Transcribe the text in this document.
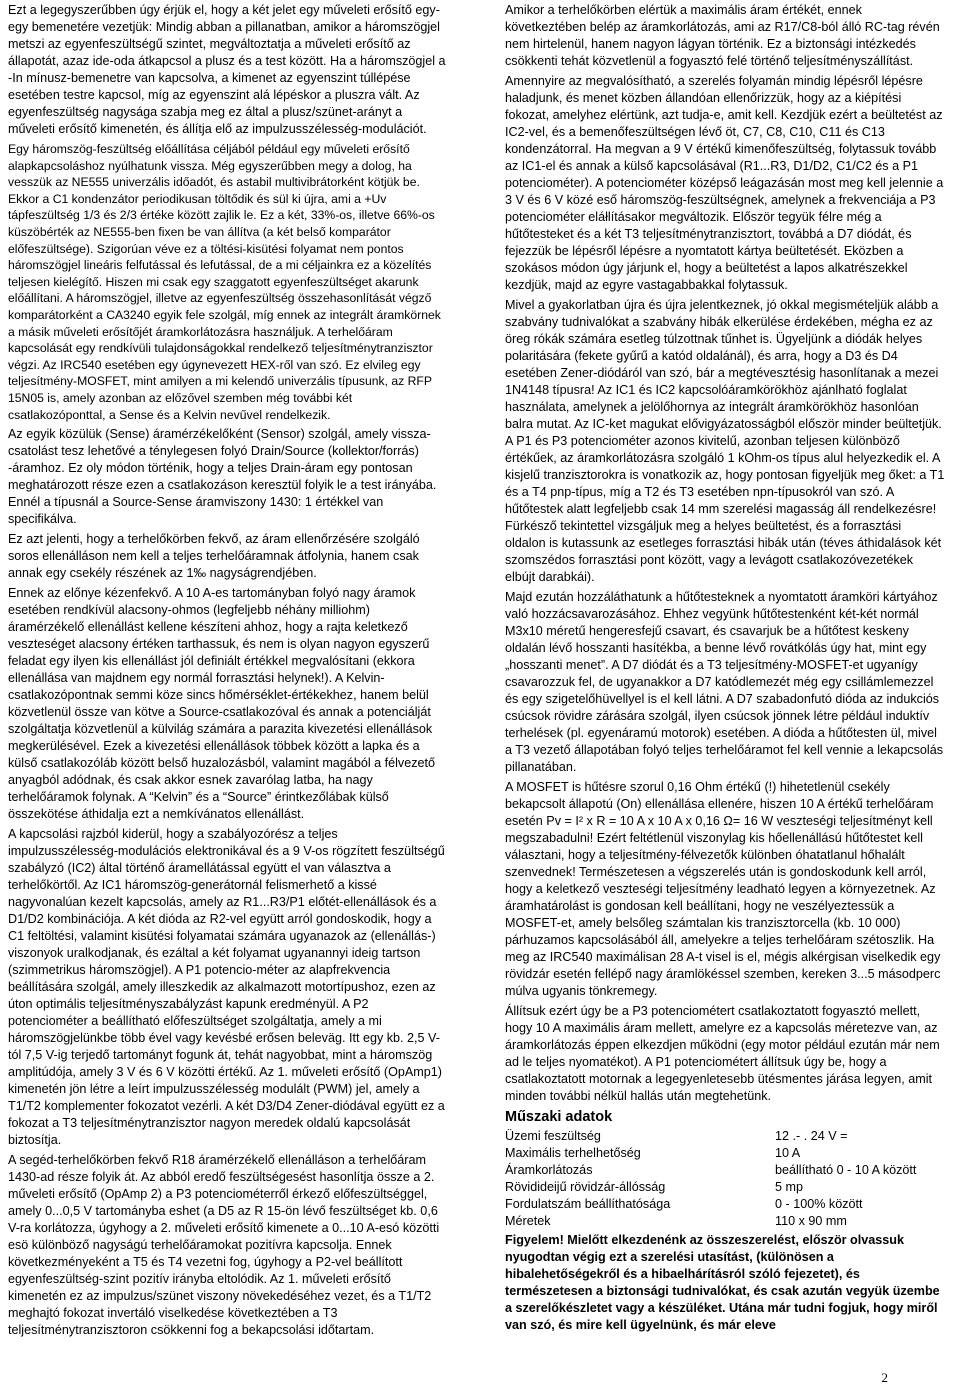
Ezt a legegyszerűbben úgy érjük el, hogy a két jelet egy műveleti erősítő egy-egy bemenetére vezetjük: Mindig abban a pillanatban, amikor a háromszögjel metszi az egyenfeszültségű szintet, megváltoztatja a műveleti erősítő az állapotát, azaz ide-oda átkapcsol a plusz és a test között. Ha a háromszögjel a -In mínusz-bemenetre van kapcsolva, a kimenet az egyenszint túllépése esetében testre kapcsol, míg az egyenszint alá lépéskor a pluszra vált. Az egyenfeszültség nagysága szabja meg ez által a plusz/szünet-arányt a műveleti erősítő kimenetén, és állítja elő az impulzusszélesség-modulációt.

Egy háromszög-feszültség előállítása céljából például egy műveleti erősítő alapkapcsoláshoz nyúlhatunk vissza. Még egyszerűbben megy a dolog, ha vesszük az NE555 univerzális időadót, és astabil multivibrátorként kötjük be. Ekkor a C1 kondenzátor periodikusan töltődik és sül ki újra, ami a +Uv tápfeszültség 1/3 és 2/3 értéke között zajlik le. Ez a két, 33%-os, illetve 66%-os küszöbérték az NE555-ben fixen be van állítva (a két belső komparátor előfeszültsége). Szigorúan véve ez a töltési-kisütési folyamat nem pontos háromszögjel lineáris felfutással és lefutással, de a mi céljainkra ez a közelítés teljesen kielégítő. Hiszen mi csak egy szaggatott egyenfeszültséget akarunk előállítani. A háromszögjel, illetve az egyenfeszültség összehasonlítását végző komparátorként a CA3240 egyik fele szolgál, míg ennek az integrált áramkörnek a másik műveleti erősítőjét áramkorlátozásra használjuk. A terhelőáram kapcsolását egy rendkívüli tulajdonságokkal rendelkező teljesítménytranzisztor végzi. Az IRC540 esetében egy úgynevezett HEX-ről van szó. Ez elvileg egy teljesítmény-MOSFET, mint amilyen a mi kelendő univerzális típusunk, az RFP 15N05 is, amely azonban az előzővel szemben még további két csatlakozóponttal, a Sense és a Kelvin nevűvel rendelkezik.

Az egyik közülük (Sense) áramérzékelőként (Sensor) szolgál, amely vissza-csatolást tesz lehetővé a ténylegesen folyó Drain/Source (kollektor/forrás) -áramhoz. Ez oly módon történik, hogy a teljes Drain-áram egy pontosan meghatározott része ezen a csatlakozáson keresztül folyik le a test irányába. Ennél a típusnál a Source-Sense áramviszony 1430: 1 értékkel van specifikálva.

Ez azt jelenti, hogy a terhelőkörben fekvő, az áram ellenőrzésére szolgáló soros ellenálláson nem kell a teljes terhelőáramnak átfolynia, hanem csak annak egy csekély részének az 1‰ nagyságrendjében.

Ennek az előnye kézenfekvő. A 10 A-es tartományban folyó nagy áramok esetében rendkívül alacsony-ohmos (legfeljebb néhány milliohm) áramérzékelő ellenállást kellene készíteni ahhoz, hogy a rajta keletkező veszteséget alacsony értéken tarthassuk, és nem is olyan nagyon egyszerű feladat egy ilyen kis ellenállást jól definiált értékkel megvalósítani (ekkora ellenállása van majdnem egy normál forrasztási helynek!). A Kelvin-csatlakozópontnak semmi köze sincs hőmérséklet-értékekhez, hanem belül közvetlenül össze van kötve a Source-csatlakozóval és annak a potenciálját szolgáltatja közvetlenül a külvilág számára a parazita kivezetési ellenállások megkerülésével. Ezek a kivezetési ellenállások többek között a lapka és a külső csatlakozóláb között belső huzalozásból, valamint magából a félvezető anyagból adódnak, és csak akkor esnek zavarólag latba, ha nagy terhelőáramok folynak. A “Kelvin” és a “Source” érintkezőlábak külső összekötése áthidalja ezt a nemkívánatos ellenállást.

A kapcsolási rajzból kiderül, hogy a szabályozórész a teljes impulzusszélesség-modulációs elektronikával és a 9 V-os rögzített feszültségű szabályzó (IC2) által történő áramellátással együtt el van választva a terhelőkörtől. Az IC1 háromszög-generátornál felismerhető a kissé nagyvonalúan kezelt kapcsolás, amely az R1...R3/P1 előtét-ellenállások és a D1/D2 kombinációja. A két dióda az R2-vel együtt arról gondoskodik, hogy a C1 feltöltési, valamint kisütési folyamatai számára ugyanazok az (ellenállás-) viszonyok uralkodjanak, és ezáltal a két folyamat ugyanannyi ideig tartson (szimmetrikus háromszögjel). A P1 potencio-méter az alapfrekvencia beállítására szolgál, amely illeszkedik az alkalmazott motortípushoz, ezen az úton optimális teljesítményszabályzást kapunk eredményül. A P2 potenciométer a beállítható előfeszültséget szolgáltatja, amely a mi háromszögjelünkbe több ével vagy kevésbé erősen beleväg. Itt egy kb. 2,5 V-tól 7,5 V-ig terjedő tartományt fogunk át, tehát nagyobbat, mint a háromszög amplitúdója, amely 3 V és 6 V közötti értékű. Az 1. műveleti erősítő (OpAmp1) kimenetén jön létre a leírt impulzusszélesség modulált (PWM) jel, amely a T1/T2 komplementer fokozatot vezérli. A két D3/D4 Zener-diódával együtt ez a fokozat a T3 teljesítménytranzisztor nagyon meredek oldalú kapcsolását biztosítja.

A segéd-terhelőkörben fekvő R18 áramérzékelő ellenálláson a terhelőáram 1430-ad része folyik át. Az abból eredő feszültségesést hasonlítja össze a 2. műveleti erősítő (OpAmp 2) a P3 potenciométerről érkező előfeszültséggel, amely 0...0,5 V tartományba eshet (a D5 az R 15-ön lévő feszültséget kb. 0,6 V-ra korlátozza, úgyhogy a 2. műveleti erősítő kimenete a 0...10 A-esó közötti esö különböző nagyságú terhelőáramokat pozitívra kapcsolja. Ennek következményeként a T5 és T4 vezetni fog, úgyhogy a P2-vel beállított egyenfeszültség-szint pozitív irányba eltolódik. Az 1. műveleti erősítő kimenetén ez az impulzus/szünet viszony növekedéséhez vezet, és a T1/T2 meghajtó fokozat invertáló viselkedése következtében a T3 teljesítménytranzisztoron csökkenni fog a bekapcsolási időtartam.

Amikor a terhelőkörben elértük a maximális áram értékét, ennek következtében belép az áramkorlátozás, ami az R17/C8-ból álló RC-tag révén nem hirtelenül, hanem nagyon lágyan történik. Ez a biztonsági intézkedés csökkenti tehát közvetlenül a fogyasztó felé történő teljesítményszállítást.

Amennyire az megvalósítható, a szerelés folyamán mindig lépésről lépésre haladjunk, és menet közben állandóan ellenőrizzük, hogy az a kiépítési fokozat, amelyhez elértünk, azt tudja-e, amit kell. Kezdjük ezért a beültetést az IC2-vel, és a bemenőfeszültségen lévő öt, C7, C8, C10, C11 és C13 kondenzátorral. Ha megvan a 9 V értékű kimenőfeszültség, folytassuk tovább az IC1-el és annak a külső kapcsolásával (R1...R3, D1/D2, C1/C2 és a P1 potenciométer). A potenciométer középső leágazásán most meg kell jelennie a 3 V és 6 V közé eső háromszög-feszültségnek, amelynek a frekvenciája a P3 potenciométer eláłlításakor megváltozik. Először tegyük félre még a hűtőtesteket és a két T3 teljesítménytranzisztort, továbbá a D7 diódát, és fejezzük be lépésről lépésre a nyomtatott kártya beültetését. Eközben a szokásos módon úgy járjunk el, hogy a beültetést a lapos alkatrészekkel kezdjük, majd az egyre vastagabbakkal folytassuk.

Mivel a gyakorlatban újra és újra jelentkeznek, jó okkal megismételjük alább a szabvány tudnivalókat a szabvány hibák elkerülése érdekében, mégha ez az öreg rókák számára esetleg túlzottnak tűnhet is. Ügyeljünk a diódák helyes polaritására (fekete gyűrű a katód oldalánál), és arra, hogy a D3 és D4 esetében Zener-diódáról van szó, bár a megtévesztésig hasonlítanak a mezei 1N4148 típusra! Az IC1 és IC2 kapcsolóáramkörökhöz ajánlható foglalat használata, amelynek a jelölőhornya az integrált áramkörökhöz hasonlóan balra mutat. Az IC-ket magukat elővigyázatosságból először minder beültetjük. A P1 és P3 potenciométer azonos kivitelű, azonban teljesen különböző értékűek, az áramkorlátozásra szolgáló 1 kOhm-os típus alul helyezkedik el. A kisjelű tranzisztorokra is vonatkozik az, hogy pontosan figyeljük meg őket: a T1 és a T4 pnp-típus, míg a T2 és T3 esetében npn-típusokról van szó. A hűtőtestek alatt legfeljebb csak 14 mm szerelési magasság áll rendelkezésre! Fürkésző tekintettel vizsgáljuk meg a helyes beültetést, és a forrasztási oldalon is kutassunk az esetleges forrasztási hibák után (téves áthidalások két szomszédos forrasztási pont között, vagy a levágott csatlakozóvezetékek elbújt darabkái).

Majd ezután hozzáláthatunk a hűtőtesteknek a nyomtatott áramköri kártyához való hozzácsavarozásához. Ehhez vegyünk hűtőtestenként két-két normál M3x10 méretű hengeresfejű csavart, és csavarjuk be a hűtőtest keskeny oldalán lévő hosszanti hasítékba, a benne lévő rovátkólás úgy hat, mint egy „hosszanti menet”. A D7 diódát és a T3 teljesítmény-MOSFET-et ugyanígy csavarozzuk fel, de ugyanakkor a D7 katódlemezét még egy csillámlemezzel és egy szigetelőhüvellyel is el kell látni. A D7 szabadonfutó dióda az indukciós csúcsok rövidre zárására szolgál, ilyen csúcsok jönnek létre például induktív terhelések (pl. egyenáramú motorok) esetében. A dióda a hűtőtesten ül, mivel a T3 vezető állapotában folyó teljes terhelőáramot fel kell vennie a lekapcsolás pillanatában.

A MOSFET is hűtésre szorul 0,16 Ohm értékű (!) hihetetlenül csekély bekapcsolt állapotú (On) ellenállása ellenére, hiszen 10 A értékű terhelőáram esetén Pv = I² x R = 10 A x 10 A x 0,16 Ω= 16 W veszteségi teljesítményt kell megszabadulni! Ezért feltétlenül viszonylag kis hőellenállású hűtőtestet kell választani, hogy a teljesítmény-félvezetők különben óhatatlanul hőhalált szenvednek! Természetesen a végszerelés után is gondoskodunk kell arról, hogy a keletkező veszteségi teljesítmény leadható legyen a környezetnek. Az áramhatárolást is gondosan kell beállítani, hogy ne veszélyeztessük a MOSFET-et, amely belsőleg számtalan kis tranzisztorcella (kb. 10 000) párhuzamos kapcsolásából áll, amelyekre a teljes terhelőáram szétoszlik. Ha meg az IRC540 maximálisan 28 A-t visel is el, mégis alkérgisan viselkedik egy rövidzár esetén fellépő nagy áramlökéssel szemben, kereken 3...5 másodperc múlva ugyanis tönkremegy.

Állítsuk ezért úgy be a P3 potenciométert csatlakoztatott fogyasztó mellett, hogy 10 A maximális áram mellett, amelyre ez a kapcsolás méretezve van, az áramkorlátozás éppen elkezdjen működni (egy motor például ezután már nem ad le teljes nyomatékot). A P1 potenciométert állítsuk úgy be, hogy a csatlakoztatott motornak a legegyenletesebb ütésmentes járása legyen, amit minden további nélkül hallás után megtehetünk.

Műszaki adatok
Üzemi feszültség	12 .- . 24 V =
Maximális terhelhetőség	10 A
Áramkorlátozás	beállítható 0 - 10 A között
Rövidideijű rövidzár-állósság	5 mp
Fordulatszám beállíthatósága	0 - 100% között
Méretek	110 x 90 mm

Figyelem! Mielőtt elkezdenénk az összeszerelést, először olvassuk nyugodtan végig ezt a szerelési utasítást, (különösen a hibalehetőségekről és a hibaelhárításról szóló fejezetet), és természetesen a biztonsági tudnivalókat, és csak azután vegyük üzembe a szerelőkészletet vagy a készüléket. Utána már tudni fogjuk, hogy miről van szó, és mire kell ügyelnünk, és már eleve

2
